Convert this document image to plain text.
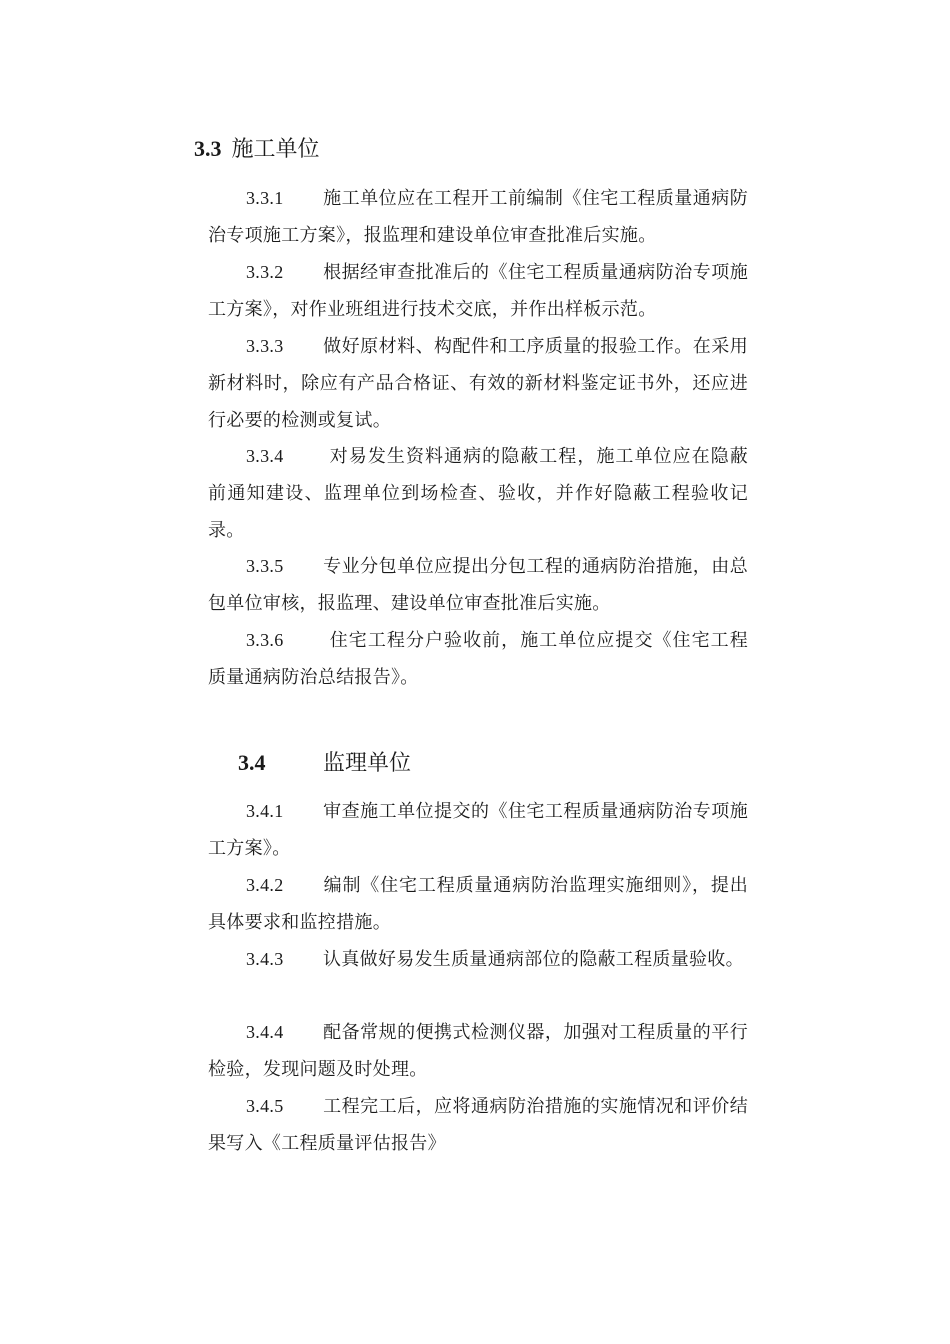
3.3 施工单位
3.3.1 施工单位应在工程开工前编制《住宅工程质量通病防治专项施工方案》，报监理和建设单位审查批准后实施。
3.3.2 根据经审查批准后的《住宅工程质量通病防治专项施工方案》，对作业班组进行技术交底，并作出样板示范。
3.3.3 做好原材料、构配件和工序质量的报验工作。在采用新材料时，除应有产品合格证、有效的新材料鉴定证书外，还应进行必要的检测或复试。
3.3.4 对易发生资料通病的隐蔽工程，施工单位应在隐蔽前通知建设、监理单位到场检查、验收，并作好隐蔽工程验收记录。
3.3.5 专业分包单位应提出分包工程的通病防治措施，由总包单位审核，报监理、建设单位审查批准后实施。
3.3.6 住宅工程分户验收前，施工单位应提交《住宅工程质量通病防治总结报告》。
3.4	监理单位
3.4.1 审查施工单位提交的《住宅工程质量通病防治专项施工方案》。
3.4.2 编制《住宅工程质量通病防治监理实施细则》，提出具体要求和监控措施。
3.4.3 认真做好易发生质量通病部位的隐蔽工程质量验收。
3.4.4 配备常规的便携式检测仪器，加强对工程质量的平行检验，发现问题及时处理。
3.4.5 工程完工后，应将通病防治措施的实施情况和评价结果写入《工程质量评估报告》
